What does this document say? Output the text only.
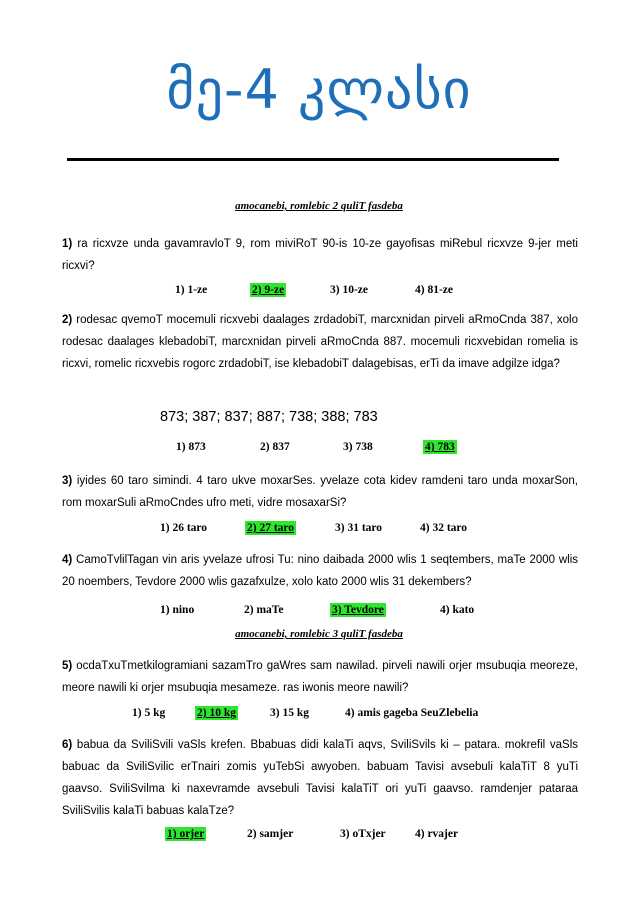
მე-4 კლასი
amocanebi, romlebic 2 quliT fasdeba
1) ra ricxvze unda gavamravloT 9, rom miviRoT 90-is 10-ze gayofisas miRebul ricxvze 9-jer meti ricxvi?
1) 1-ze	2) 9-ze	3) 10-ze	4) 81-ze
2) rodesac qvemoT mocemuli ricxvebi daalages zrdadobiT, marcxnidan pirveli aRmoCnda 387, xolo rodesac daalages klebadobiT, marcxnidan pirveli aRmoCnda 887. mocemuli ricxvebidan romelia is ricxvi, romelic ricxvebis rogorc zrdadobiT, ise klebadobiT dalagebisas, erTi da imave adgilze idga?
873; 387; 837; 887; 738; 388; 783
1) 873	2) 837	3) 738	4) 783
3) iyides 60 taro simindi. 4 taro ukve moxarSes. yvelaze cota kidev ramdeni taro unda moxarSon, rom moxarSuli aRmoCndes ufro meti, vidre mosaxarSi?
1) 26 taro	2) 27 taro	3) 31 taro	4) 32 taro
4) CamoTvlilTagan vin aris yvelaze ufrosi Tu: nino daibada 2000 wlis 1 seqtembers, maTe 2000 wlis 20 noembers, Tevdore 2000 wlis gazafxulze, xolo kato 2000 wlis 31 dekembers?
1) nino	2) maTe	3) Tevdore	4) kato
amocanebi, romlebic 3 quliT fasdeba
5) ocdaTxuTmetkilogramiani sazamTro gaWres sam nawilad. pirveli nawili orjer msubuqia meoreze, meore nawili ki orjer msubuqia mesameze. ras iwonis meore nawili?
1) 5 kg	2) 10 kg	3) 15 kg	4) amis gageba SeuZlebelia
6) babua da SviliSvili vaSls krefen. Bbabuas didi kalaTi aqvs, SviliSvils ki – patara. mokrefil vaSls babuac da SviliSvilic erTnairi zomis yuTebSi awyoben. babuam Tavisi avsebuli kalaTiT 8 yuTi gaavso. SviliSvilma ki naxevramde avsebuli Tavisi kalaTiT ori yuTi gaavso. ramdenjer pataraa SviliSvilis kalaTi babuas kalaTze?
1) orjer	2) samjer	3) oTxjer	4) rvajer
